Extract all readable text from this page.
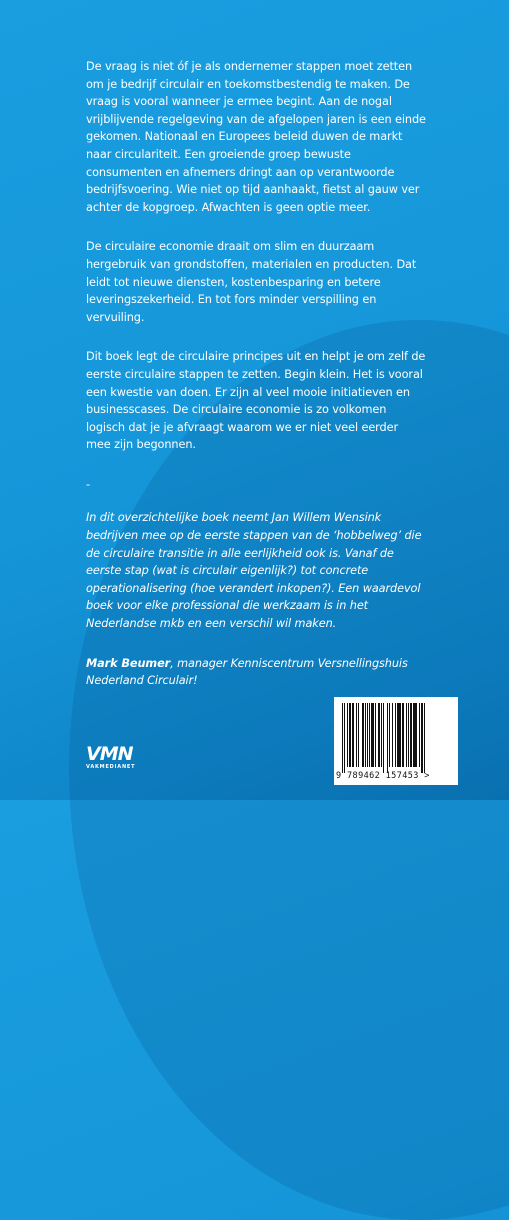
De vraag is niet óf je als ondernemer stappen moet zetten om je bedrijf circulair en toekomstbestendig te maken. De vraag is vooral wanneer je ermee begint. Aan de nogal vrijblijvende regelgeving van de afgelopen jaren is een einde gekomen. Nationaal en Europees beleid duwen de markt naar circulariteit. Een groeiende groep bewuste consumenten en afnemers dringt aan op verantwoorde bedrijfsvoering. Wie niet op tijd aanhaakt, fietst al gauw ver achter de kopgroep. Afwachten is geen optie meer.

De circulaire economie draait om slim en duurzaam hergebruik van grondstoffen, materialen en producten. Dat leidt tot nieuwe diensten, kostenbesparing en betere leveringszekerheid. En tot fors minder verspilling en vervuiling.

Dit boek legt de circulaire principes uit en helpt je om zelf de eerste circulaire stappen te zetten. Begin klein. Het is vooral een kwestie van doen. Er zijn al veel mooie initiatieven en businesscases. De circulaire economie is zo volkomen logisch dat je je afvraagt waarom we er niet veel eerder mee zijn begonnen.

-

In dit overzichtelijke boek neemt Jan Willem Wensink bedrijven mee op de eerste stappen van de ‘hobbelweg’ die de circulaire transitie in alle eerlijkheid ook is. Vanaf de eerste stap (wat is circulair eigenlijk?) tot concrete operationalisering (hoe verandert inkopen?). Een waardevol boek voor elke professional die werkzaam is in het Nederlandse mkb en een verschil wil maken.

Mark Beumer, manager Kenniscentrum Versnellingshuis Nederland Circulair!
VMN
VAKMEDIANET
9 789462 157453 >
